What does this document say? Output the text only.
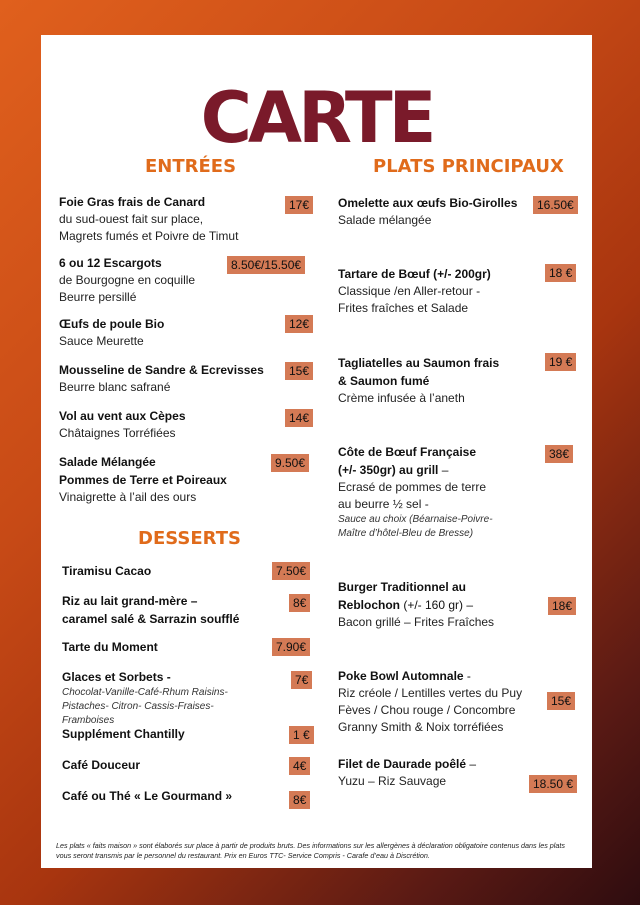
CARTE
ENTRÉES
Foie Gras frais de Canard
du sud-ouest fait sur place,
Magrets fumés et Poivre de Timut
17€
6 ou 12 Escargots
de Bourgogne en coquille
Beurre persillé
8.50€/15.50€
Œufs de poule Bio
Sauce Meurette
12€
Mousseline de Sandre & Ecrevisses
Beurre blanc safrané
15€
Vol au vent aux Cèpes
Châtaignes Torréfiées
14€
Salade Mélangée
Pommes de Terre et Poireaux
Vinaigrette à l’ail des ours
9.50€
DESSERTS
Tiramisu Cacao	7.50€
Riz au lait grand-mère –
caramel salé & Sarrazin soufflé
8€
Tarte du Moment	7.90€
Glaces et Sorbets -
Chocolat-Vanille-Café-Rhum Raisins-
Pistaches- Citron- Cassis-Fraises-
Framboises
7€
Supplément Chantilly	1 €
Café Douceur	4€
Café ou Thé « Le Gourmand »	8€
PLATS PRINCIPAUX
Omelette aux œufs Bio-Girolles
Salade mélangée
16.50€
Tartare de Bœuf (+/- 200gr)
Classique /en Aller-retour -
Frites fraîches et Salade
18 €
Tagliatelles au Saumon frais
& Saumon fumé
Crème infusée à l’aneth
19 €
Côte de Bœuf Française
(+/- 350gr) au grill –
Ecrasé de pommes de terre
au beurre ½ sel -
Sauce au choix (Béarnaise-Poivre-
Maître d’hôtel-Bleu de Bresse)
38€
Burger Traditionnel au
Reblochon (+/- 160 gr) –
Bacon grillé – Frites Fraîches
18€
Poke Bowl Automnale -
Riz créole / Lentilles vertes du Puy
Fèves / Chou rouge / Concombre
Granny Smith & Noix torréfiées
15€
Filet de Daurade poêlé –
Yuzu – Riz Sauvage	18.50 €
Les plats « faits maison » sont élaborés sur place à partir de produits bruts. Des informations sur les allergènes à déclaration obligatoire contenus dans les plats vous seront transmis par le personnel du restaurant. Prix en Euros TTC- Service Compris - Carafe d’eau à Discrétion.
